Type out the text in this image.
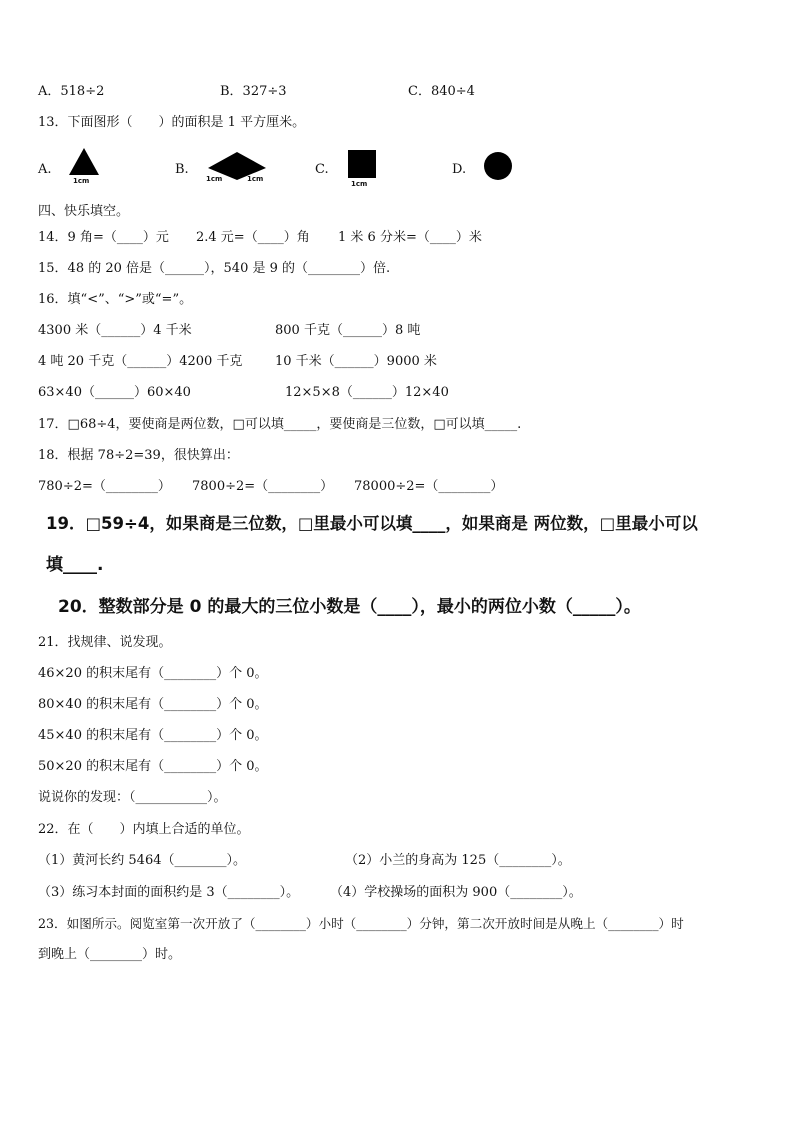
A．518÷2	B．327÷3	C．840÷4
13．下面图形（　　）的面积是 1 平方厘米。
A.
1cm
B.
1cm	1cm
C.
1cm
D.
四、快乐填空。
14．9 角=（____）元 2.4 元=（____）角 1 米 6 分米=（____）米
15．48 的 20 倍是（______），540 是 9 的（________）倍.
16．填“<”、“>”或“=”。
4300 米（______）4 千米	800 千克（______）8 吨
4 吨 20 千克（______）4200 千克	10 千米（______）9000 米
63×40（______）60×40	12×5×8（______）12×40
17．□68÷4，要使商是两位数，□可以填_____，要使商是三位数，□可以填_____.
18．根据 78÷2=39，很快算出：
780÷2=（________） 7800÷2=（________） 78000÷2=（________）
19．□59÷4，如果商是三位数，□里最小可以填____，如果商是 两位数，□里最小可以
填____.
20．整数部分是 0 的最大的三位小数是（____），最小的两位小数（_____）。
21．找规律、说发现。
46×20 的积末尾有（________）个 0。
80×40 的积末尾有（________）个 0。
45×40 的积末尾有（________）个 0。
50×20 的积末尾有（________）个 0。
说说你的发现：（___________）。
22．在（　　）内填上合适的单位。
（1）黄河长约 5464（________）。	（2）小兰的身高为 125（________）。
（3）练习本封面的面积约是 3（________）。 （4）学校操场的面积为 900（________）。
23．如图所示。阅览室第一次开放了（________）小时（________）分钟，第二次开放时间是从晚上（________）时
到晚上（________）时。
